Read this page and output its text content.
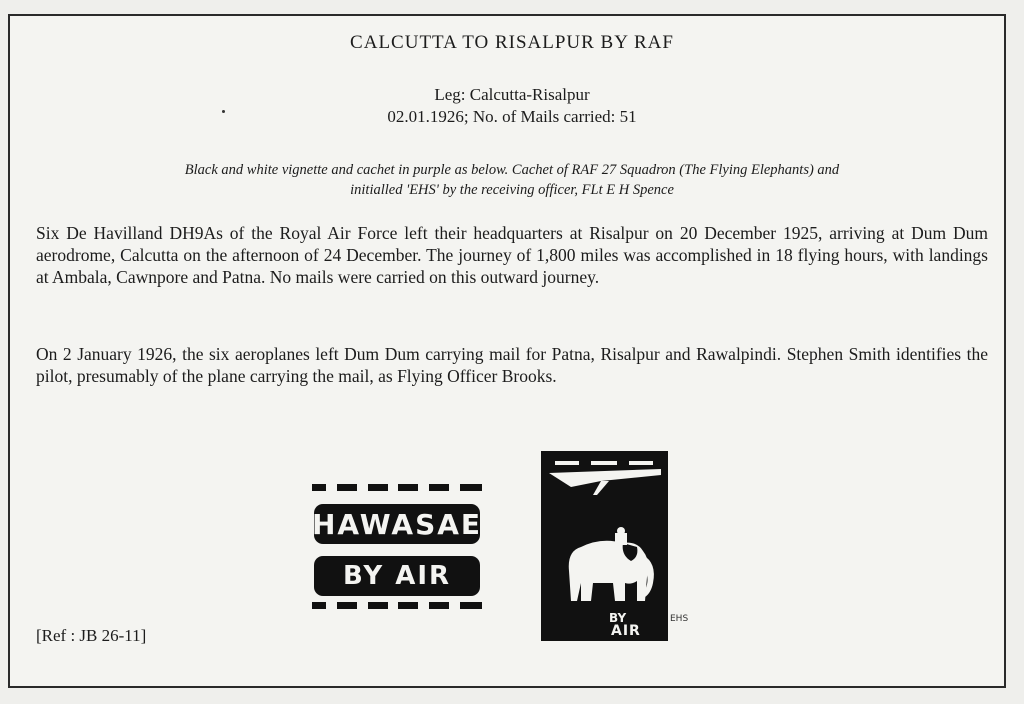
CALCUTTA TO RISALPUR BY RAF
Leg: Calcutta-Risalpur
02.01.1926; No. of Mails carried: 51
Black and white vignette and cachet in purple as below. Cachet of RAF 27 Squadron (The Flying Elephants) and
initialled 'EHS' by the receiving officer, FLt E H Spence
Six De Havilland DH9As of the Royal Air Force left their headquarters at Risalpur on 20 December 1925, arriving at Dum Dum aerodrome, Calcutta on the afternoon of 24 December. The journey of 1,800 miles was accomplished in 18 flying hours, with landings at Ambala, Cawnpore and Patna. No mails were carried on this outward journey.
On 2 January 1926, the six aeroplanes left Dum Dum carrying mail for Patna, Risalpur and Rawalpindi. Stephen Smith identifies the pilot, presumably of the plane carrying the mail, as Flying Officer Brooks.
HAWASAE
BY AIR
BY
AIR
EHS
[Ref : JB 26-11]
